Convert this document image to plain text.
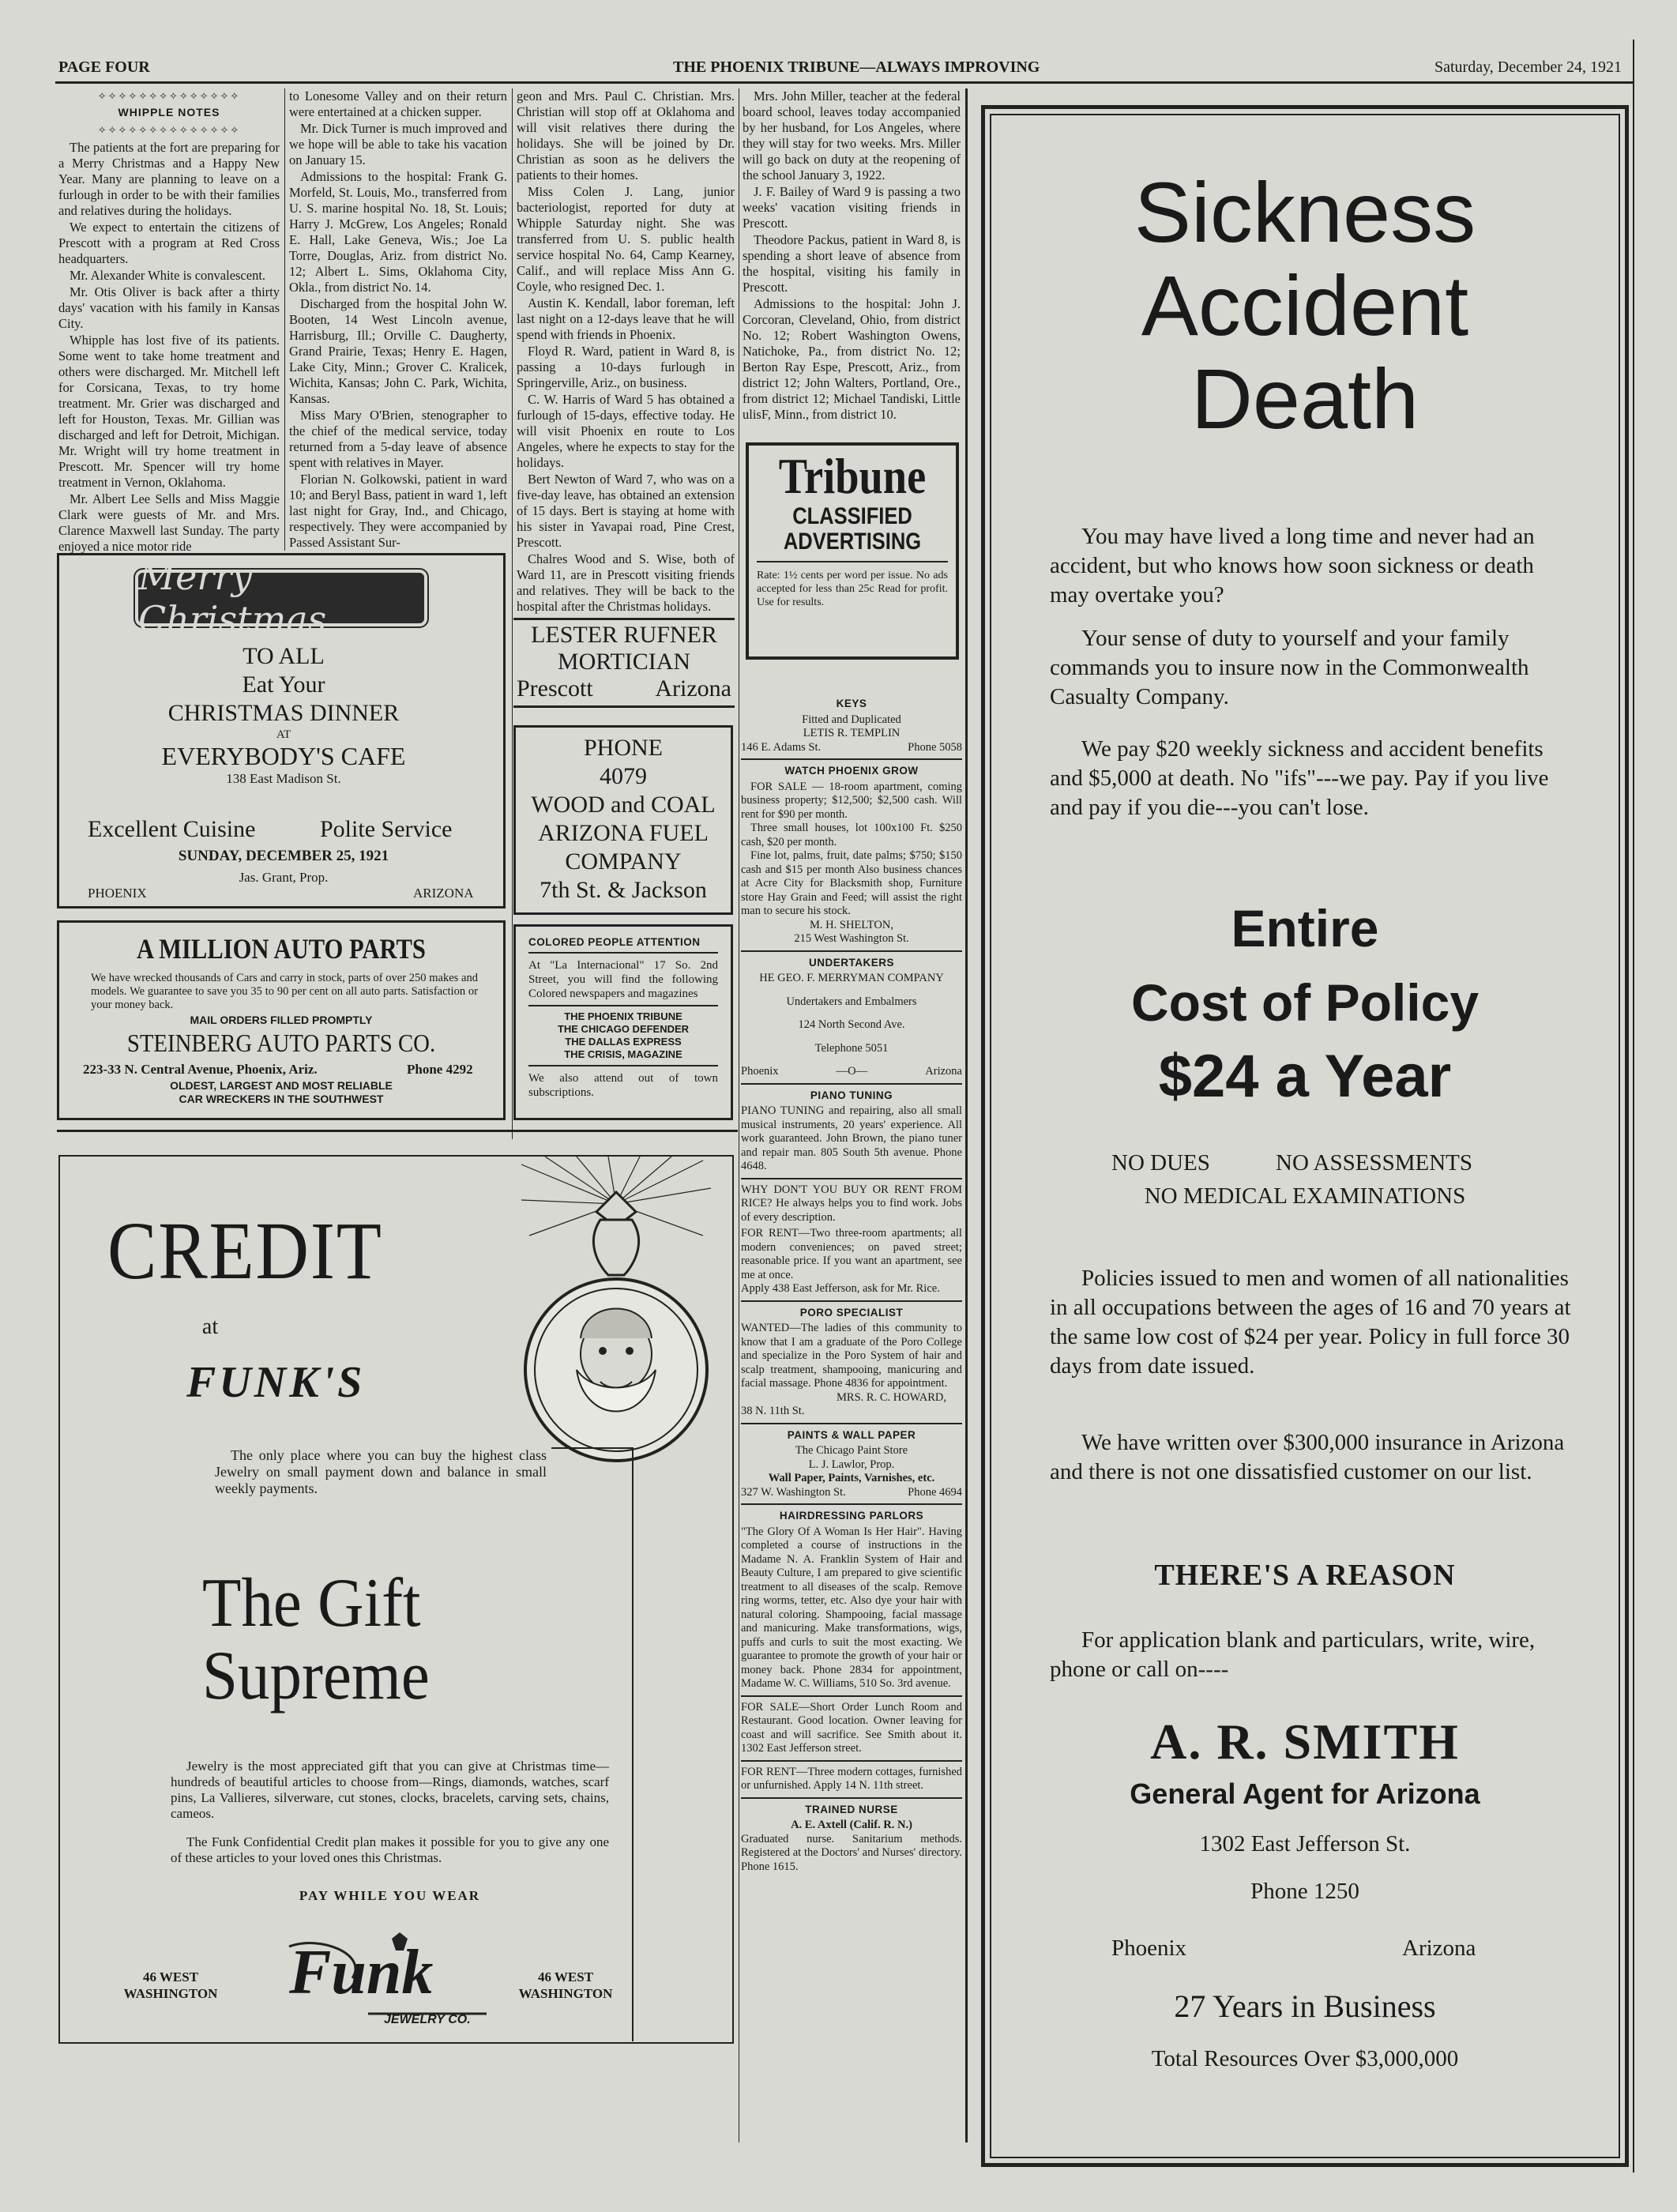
PAGE FOUR	THE PHOENIX TRIBUNE—ALWAYS IMPROVING	Saturday, December 24, 1921
✧✧✧✧✧✧✧✧✧✧✧✧✧✧
WHIPPLE NOTES
✧✧✧✧✧✧✧✧✧✧✧✧✧✧

The patients at the fort are preparing for a Merry Christmas and a Happy New Year. Many are planning to leave on a furlough in order to be with their families and relatives during the holidays.

We expect to entertain the citizens of Prescott with a program at Red Cross headquarters.

Mr. Alexander White is convalescent.

Mr. Otis Oliver is back after a thirty days' vacation with his family in Kansas City.

Whipple has lost five of its patients. Some went to take home treatment and others were discharged. Mr. Mitchell left for Corsicana, Texas, to try home treatment. Mr. Grier was discharged and left for Houston, Texas. Mr. Gillian was discharged and left for Detroit, Michigan. Mr. Wright will try home treatment in Prescott. Mr. Spencer will try home treatment in Vernon, Oklahoma.

Mr. Albert Lee Sells and Miss Maggie Clark were guests of Mr. and Mrs. Clarence Maxwell last Sunday. The party enjoyed a nice motor ride

to Lonesome Valley and on their return were entertained at a chicken supper.

Mr. Dick Turner is much improved and we hope will be able to take his vacation on January 15.

Admissions to the hospital: Frank G. Morfeld, St. Louis, Mo., transferred from U. S. marine hospital No. 18, St. Louis; Harry J. McGrew, Los Angeles; Ronald E. Hall, Lake Geneva, Wis.; Joe La Torre, Douglas, Ariz. from district No. 12; Albert L. Sims, Oklahoma City, Okla., from district No. 14.

Discharged from the hospital John W. Booten, 14 West Lincoln avenue, Harrisburg, Ill.; Orville C. Daugherty, Grand Prairie, Texas; Henry E. Hagen, Lake City, Minn.; Grover C. Kralicek, Wichita, Kansas; John C. Park, Wichita, Kansas.

Miss Mary O'Brien, stenographer to the chief of the medical service, today returned from a 5-day leave of absence spent with relatives in Mayer.

Florian N. Golkowski, patient in ward 10; and Beryl Bass, patient in ward 1, left last night for Gray, Ind., and Chicago, respectively. They were accompanied by Passed Assistant Sur-

geon and Mrs. Paul C. Christian. Mrs. Christian will stop off at Oklahoma and will visit relatives there during the holidays. She will be joined by Dr. Christian as soon as he delivers the patients to their homes.

Miss Colen J. Lang, junior bacteriologist, reported for duty at Whipple Saturday night. She was transferred from U. S. public health service hospital No. 64, Camp Kearney, Calif., and will replace Miss Ann G. Coyle, who resigned Dec. 1.

Austin K. Kendall, labor foreman, left last night on a 12-days leave that he will spend with friends in Phoenix.

Floyd R. Ward, patient in Ward 8, is passing a 10-days furlough in Springerville, Ariz., on business.

C. W. Harris of Ward 5 has obtained a furlough of 15-days, effective today. He will visit Phoenix en route to Los Angeles, where he expects to stay for the holidays.

Bert Newton of Ward 7, who was on a five-day leave, has obtained an extension of 15 days. Bert is staying at home with his sister in Yavapai road, Pine Crest, Prescott.

Chalres Wood and S. Wise, both of Ward 11, are in Prescott visiting friends and relatives. They will be back to the hospital after the Christmas holidays.

Mrs. John Miller, teacher at the federal board school, leaves today accompanied by her husband, for Los Angeles, where they will stay for two weeks. Mrs. Miller will go back on duty at the reopening of the school January 3, 1922.

J. F. Bailey of Ward 9 is passing a two weeks' vacation visiting friends in Prescott.

Theodore Packus, patient in Ward 8, is spending a short leave of absence from the hospital, visiting his family in Prescott.

Admissions to the hospital: John J. Corcoran, Cleveland, Ohio, from district No. 12; Robert Washington Owens, Natichoke, Pa., from district No. 12; Berton Ray Espe, Prescott, Ariz., from district 12; John Walters, Portland, Ore., from district 12; Michael Tandiski, Little ulisF, Minn., from district 10.

Merry Christmas
TO ALL
Eat Your
CHRISTMAS DINNER
AT
EVERYBODY'S CAFE
138 East Madison St.
Excellent Cuisine	Polite Service
SUNDAY, DECEMBER 25, 1921
Jas. Grant, Prop.
PHOENIX	ARIZONA
A MILLION AUTO PARTS
We have wrecked thousands of Cars and carry in stock, parts of over 250 makes and models. We guarantee to save you 35 to 90 per cent on all auto parts. Satisfaction or your money back.
MAIL ORDERS FILLED PROMPTLY
STEINBERG AUTO PARTS CO.
223-33 N. Central Avenue, Phoenix, Ariz.	Phone 4292
OLDEST, LARGEST AND MOST RELIABLE
CAR WRECKERS IN THE SOUTHWEST
LESTER RUFNER
MORTICIAN
Prescott	Arizona
PHONE
4079
WOOD and COAL
ARIZONA FUEL
COMPANY
7th St. & Jackson
COLORED PEOPLE ATTENTION
At "La Internacional" 17 So. 2nd Street, you will find the following Colored newspapers and magazines
THE PHOENIX TRIBUNE
THE CHICAGO DEFENDER
THE DALLAS EXPRESS
THE CRISIS, MAGAZINE
We also attend out of town subscriptions.
Tribune
CLASSIFIED
ADVERTISING
Rate: 1½ cents per word per issue. No ads accepted for less than 25c Read for profit. Use for results.
KEYS
Fitted and Duplicated
LETIS R. TEMPLIN
146 E. Adams St.	Phone 5058
WATCH PHOENIX GROW

FOR SALE — 18-room apartment, coming business property; $12,500; $2,500 cash. Will rent for $90 per month.

Three small houses, lot 100x100 Ft. $250 cash, $20 per month.

Fine lot, palms, fruit, date palms; $750; $150 cash and $15 per month Also business chances at Acre City for Blacksmith shop, Furniture store Hay Grain and Feed; will assist the right man to secure his stock.

M. H. SHELTON,
215 West Washington St.
UNDERTAKERS
HE GEO. F. MERRYMAN COMPANY
Undertakers and Embalmers
124 North Second Ave.
Telephone 5051
Phoenix	—O—	Arizona
PIANO TUNING
PIANO TUNING and repairing, also all small musical instruments, 20 years' experience. All work guaranteed. John Brown, the piano tuner and repair man. 805 South 5th avenue. Phone 4648.
WHY DON'T YOU BUY OR RENT FROM RICE? He always helps you to find work. Jobs of every description.
FOR RENT—Two three-room apartments; all modern conveniences; on paved street; reasonable price. If you want an apartment, see me at once.
Apply 438 East Jefferson, ask for Mr. Rice.
PORO SPECIALIST
WANTED—The ladies of this community to know that I am a graduate of the Poro College and specialize in the Poro System of hair and scalp treatment, shampooing, manicuring and facial massage. Phone 4836 for appointment.
MRS. R. C. HOWARD,
38 N. 11th St.
PAINTS & WALL PAPER
The Chicago Paint Store
L. J. Lawlor, Prop.
Wall Paper, Paints, Varnishes, etc.
327 W. Washington St.	Phone 4694
HAIRDRESSING PARLORS
"The Glory Of A Woman Is Her Hair". Having completed a course of instructions in the Madame N. A. Franklin System of Hair and Beauty Culture, I am prepared to give scientific treatment to all diseases of the scalp. Remove ring worms, tetter, etc. Also dye your hair with natural coloring. Shampooing, facial massage and manicuring. Make transformations, wigs, puffs and curls to suit the most exacting. We guarantee to promote the growth of your hair or money back. Phone 2834 for appointment, Madame W. C. Williams, 510 So. 3rd avenue.
FOR SALE—Short Order Lunch Room and Restaurant. Good location. Owner leaving for coast and will sacrifice. See Smith about it. 1302 East Jefferson street.
FOR RENT—Three modern cottages, furnished or unfurnished. Apply 14 N. 11th street.
TRAINED NURSE
A. E. Axtell (Calif. R. N.)
Graduated nurse. Sanitarium methods. Registered at the Doctors' and Nurses' directory. Phone 1615.
CREDIT
at
FUNK'S
The only place where you can buy the highest class Jewelry on small payment down and balance in small weekly payments.
The Gift
Supreme
Jewelry is the most appreciated gift that you can give at Christmas time—hundreds of beautiful articles to choose from—Rings, diamonds, watches, scarf pins, La Vallieres, silverware, cut stones, clocks, bracelets, carving sets, chains, cameos.
The Funk Confidential Credit plan makes it possible for you to give any one of these articles to your loved ones this Christmas.
PAY WHILE YOU WEAR
46 WEST
WASHINGTON
46 WEST
WASHINGTON
Funk
JEWELRY CO.
Sickness
Accident
Death
You may have lived a long time and never had an accident, but who knows how soon sickness or death may overtake you?
Your sense of duty to yourself and your family commands you to insure now in the Commonwealth Casualty Company.
We pay $20 weekly sickness and accident benefits and $5,000 at death. No "ifs"---we pay. Pay if you live and pay if you die---you can't lose.
Entire
Cost of Policy
$24 a Year
NO DUES	NO ASSESSMENTS
NO MEDICAL EXAMINATIONS
Policies issued to men and women of all nationalities in all occupations between the ages of 16 and 70 years at the same low cost of $24 per year. Policy in full force 30 days from date issued.
We have written over $300,000 insurance in Arizona and there is not one dissatisfied customer on our list.
THERE'S A REASON
For application blank and particulars, write, wire, phone or call on----
A. R. SMITH
General Agent for Arizona
1302 East Jefferson St.
Phone 1250
Phoenix	Arizona
27 Years in Business
Total Resources Over $3,000,000
